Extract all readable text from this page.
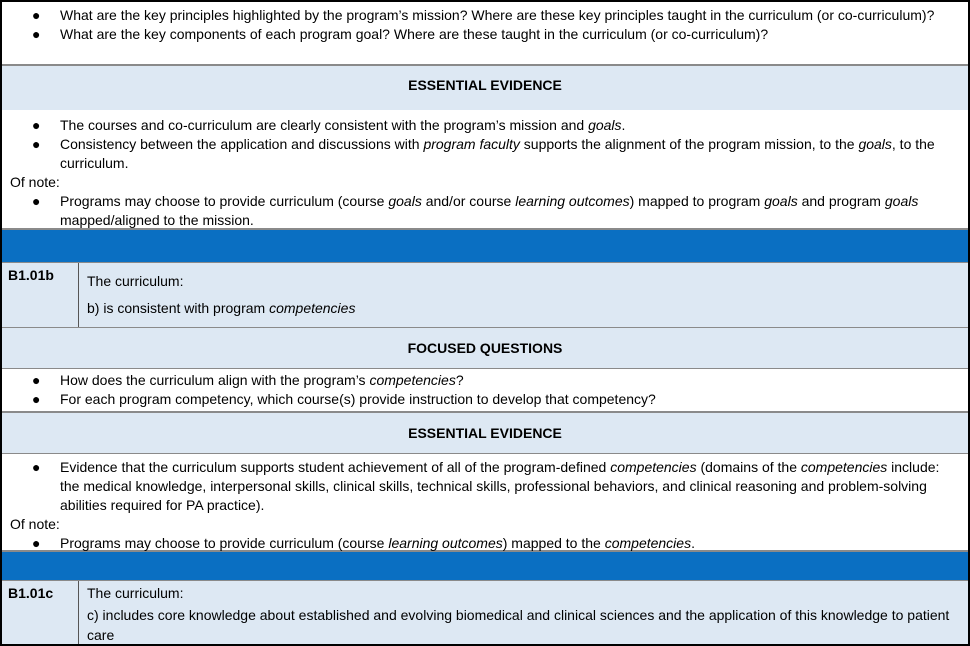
●	What are the key principles highlighted by the program’s mission? Where are these key principles taught in the curriculum (or co-curriculum)?
●	What are the key components of each program goal? Where are these taught in the curriculum (or co-curriculum)?
ESSENTIAL EVIDENCE
●	The courses and co-curriculum are clearly consistent with the program’s mission and goals.
●	Consistency between the application and discussions with program faculty supports the alignment of the program mission, to the goals, to the curriculum.
Of note:
●	Programs may choose to provide curriculum (course goals and/or course learning outcomes) mapped to program goals and program goals mapped/aligned to the mission.
B1.01b	The curriculum:
b) is consistent with program competencies
FOCUSED QUESTIONS
●	How does the curriculum align with the program’s competencies?
●	For each program competency, which course(s) provide instruction to develop that competency?
ESSENTIAL EVIDENCE
●	Evidence that the curriculum supports student achievement of all of the program-defined competencies (domains of the competencies include: the medical knowledge, interpersonal skills, clinical skills, technical skills, professional behaviors, and clinical reasoning and problem-solving abilities required for PA practice).
Of note:
●	Programs may choose to provide curriculum (course learning outcomes) mapped to the competencies.
B1.01c	The curriculum:
c) includes core knowledge about established and evolving biomedical and clinical sciences and the application of this knowledge to patient care
